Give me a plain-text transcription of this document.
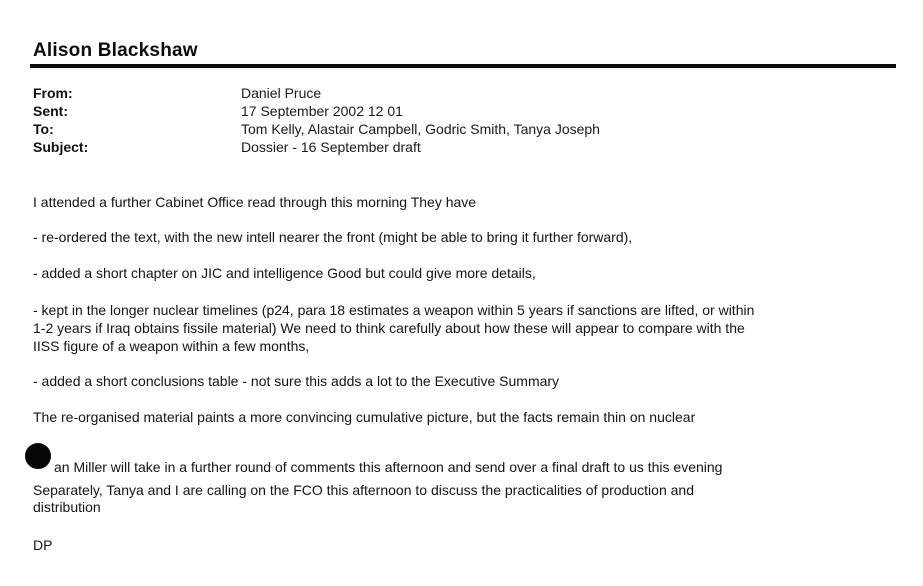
Alison Blackshaw
From:	Daniel Pruce
Sent:	17 September 2002 12 01
To:	Tom Kelly, Alastair Campbell, Godric Smith, Tanya Joseph
Subject:	Dossier - 16 September draft

I attended a further Cabinet Office read through this morning They have

- re-ordered the text, with the new intell nearer the front (might be able to bring it further forward),

- added a short chapter on JIC and intelligence Good but could give more details,

- kept in the longer nuclear timelines (p24, para 18 estimates a weapon within 5 years if sanctions are lifted, or within

1-2 years if Iraq obtains fissile material) We need to think carefully about how these will appear to compare with the

IISS figure of a weapon within a few months,

- added a short conclusions table - not sure this adds a lot to the Executive Summary

The re-organised material paints a more convincing cumulative picture, but the facts remain thin on nuclear

an Miller will take in a further round of comments this afternoon and send over a final draft to us this evening

Separately, Tanya and I are calling on the FCO this afternoon to discuss the practicalities of production and

distribution

DP
